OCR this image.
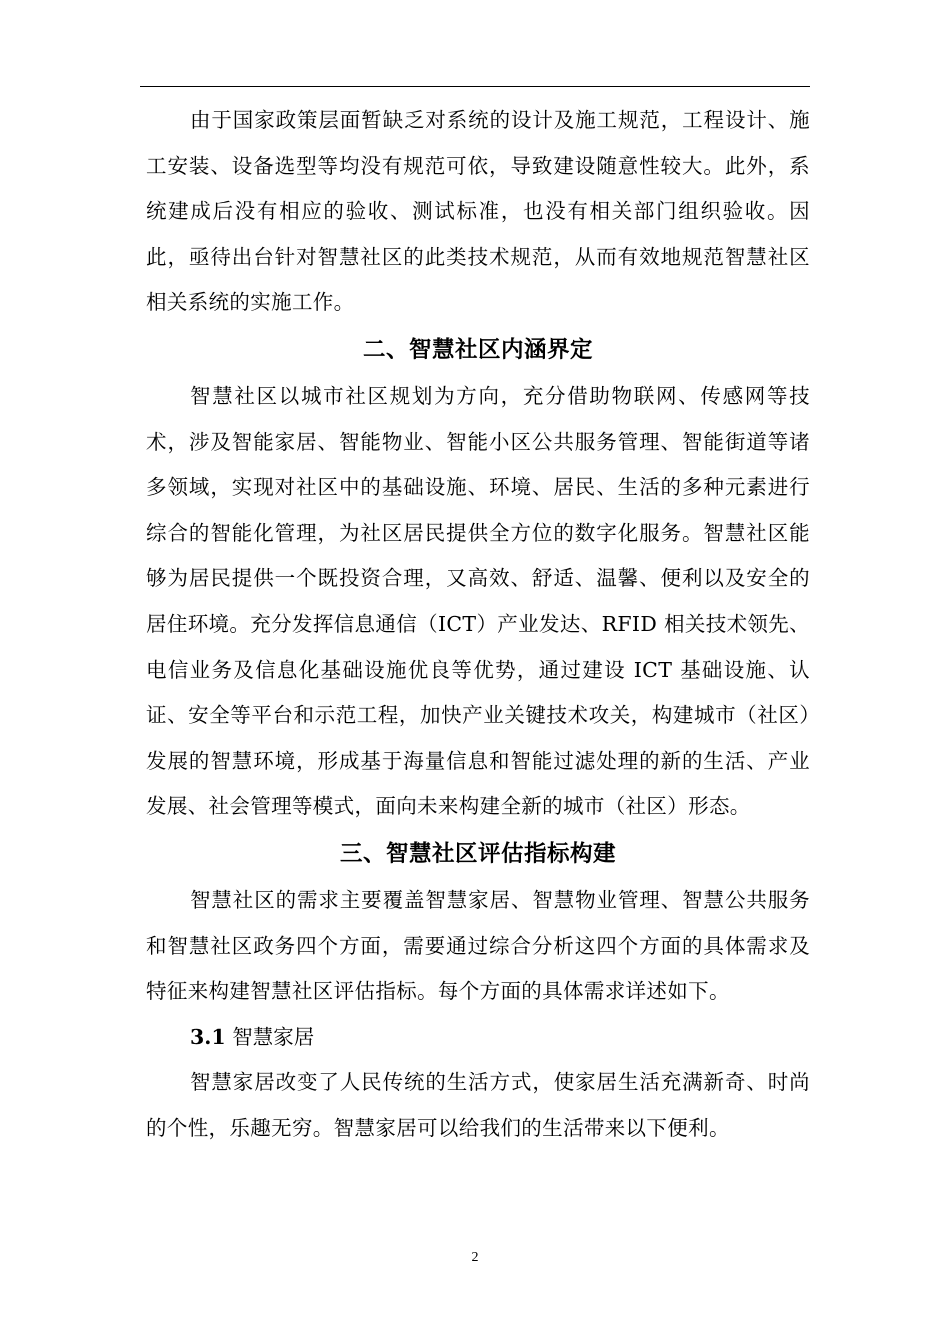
由于国家政策层面暂缺乏对系统的设计及施工规范，工程设计、施工安装、设备选型等均没有规范可依，导致建设随意性较大。此外，系统建成后没有相应的验收、测试标准，也没有相关部门组织验收。因此，亟待出台针对智慧社区的此类技术规范，从而有效地规范智慧社区相关系统的实施工作。

二、智慧社区内涵界定

智慧社区以城市社区规划为方向，充分借助物联网、传感网等技术，涉及智能家居、智能物业、智能小区公共服务管理、智能街道等诸多领域，实现对社区中的基础设施、环境、居民、生活的多种元素进行综合的智能化管理，为社区居民提供全方位的数字化服务。智慧社区能够为居民提供一个既投资合理，又高效、舒适、温馨、便利以及安全的居住环境。充分发挥信息通信（ICT）产业发达、RFID 相关技术领先、电信业务及信息化基础设施优良等优势，通过建设 ICT 基础设施、认证、安全等平台和示范工程，加快产业关键技术攻关，构建城市（社区）发展的智慧环境，形成基于海量信息和智能过滤处理的新的生活、产业发展、社会管理等模式，面向未来构建全新的城市（社区）形态。

三、智慧社区评估指标构建

智慧社区的需求主要覆盖智慧家居、智慧物业管理、智慧公共服务和智慧社区政务四个方面，需要通过综合分析这四个方面的具体需求及特征来构建智慧社区评估指标。每个方面的具体需求详述如下。

3.1 智慧家居

智慧家居改变了人民传统的生活方式，使家居生活充满新奇、时尚的个性，乐趣无穷。智慧家居可以给我们的生活带来以下便利。

2
